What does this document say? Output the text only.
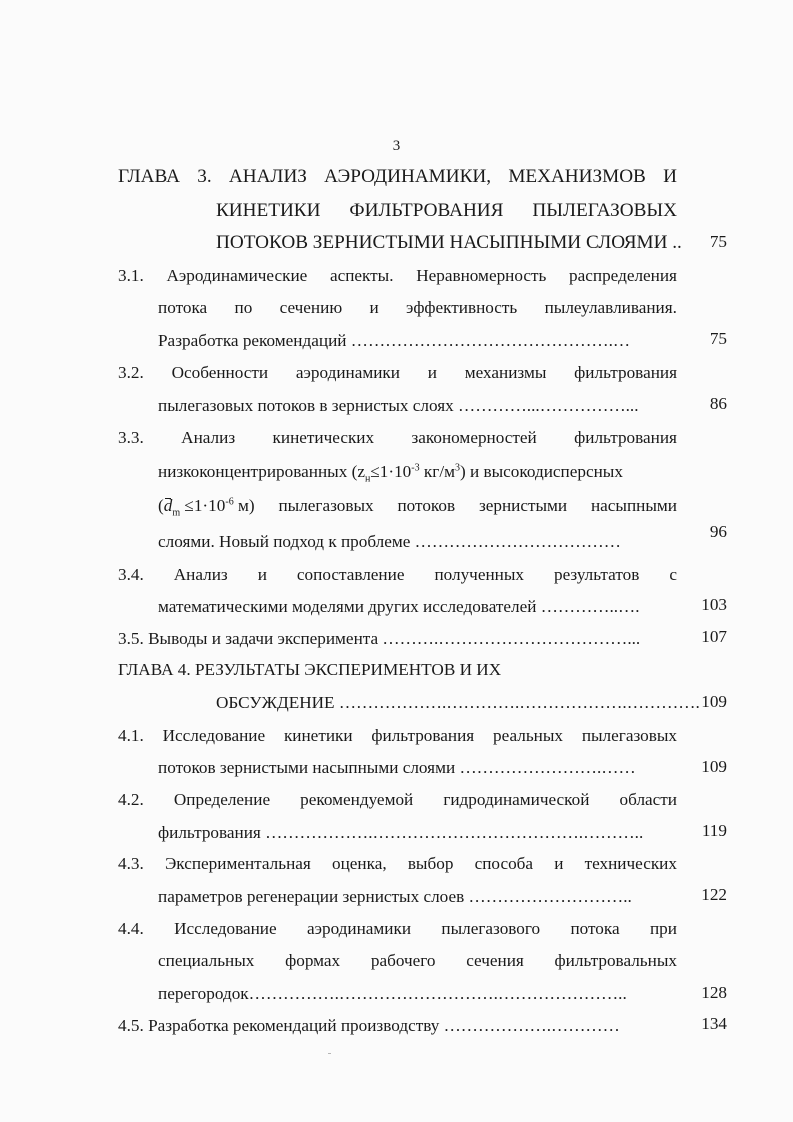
3
ГЛАВА 3. АНАЛИЗ АЭРОДИНАМИКИ, МЕХАНИЗМОВ И
КИНЕТИКИ ФИЛЬТРОВАНИЯ ПЫЛЕГАЗОВЫХ
ПОТОКОВ ЗЕРНИСТЫМИ НАСЫПНЫМИ СЛОЯМИ .. 75
3.1. Аэродинамические аспекты. Неравномерность распределения
потока по сечению и эффективность пылеулавливания.
Разработка рекомендаций ……………………………………….…	75
3.2. Особенности аэродинамики и механизмы фильтрования
пылегазовых потоков в зернистых слоях …………...……………...	86
3.3. Анализ кинетических закономерностей фильтрования
низкоконцентрированных ($z_н\le 1\cdot 10^{-3}$ $кг/м^3$) и высокодисперсных
($d_m \le 1\cdot 10^{-6}$ м) пылегазовых потоков зернистыми насыпными
слоями. Новый подход к проблеме ………………………………
96
3.4. Анализ и сопоставление полученных результатов с
математическими моделями других исследователей …………..….	103
3.5. Выводы и задачи эксперимента ……….……………………………...	107
ГЛАВА 4. РЕЗУЛЬТАТЫ ЭКСПЕРИМЕНТОВ И ИХ
ОБСУЖДЕНИЕ ……………….………….……………….…………. 109
4.1. Исследование кинетики фильтрования реальных пылегазовых
потоков зернистыми насыпными слоями …………………….……	109
4.2. Определение рекомендуемой гидродинамической области
фильтрования ……………….……………………………….………..	119
4.3. Экспериментальная оценка, выбор способа и технических
параметров регенерации зернистых слоев ………………………..	122
4.4. Исследование аэродинамики пылегазового потока при
специальных формах рабочего сечения фильтровальных
перегородок…………….……………………….…………………..	128
4.5. Разработка рекомендаций производству ……………….…………	134
